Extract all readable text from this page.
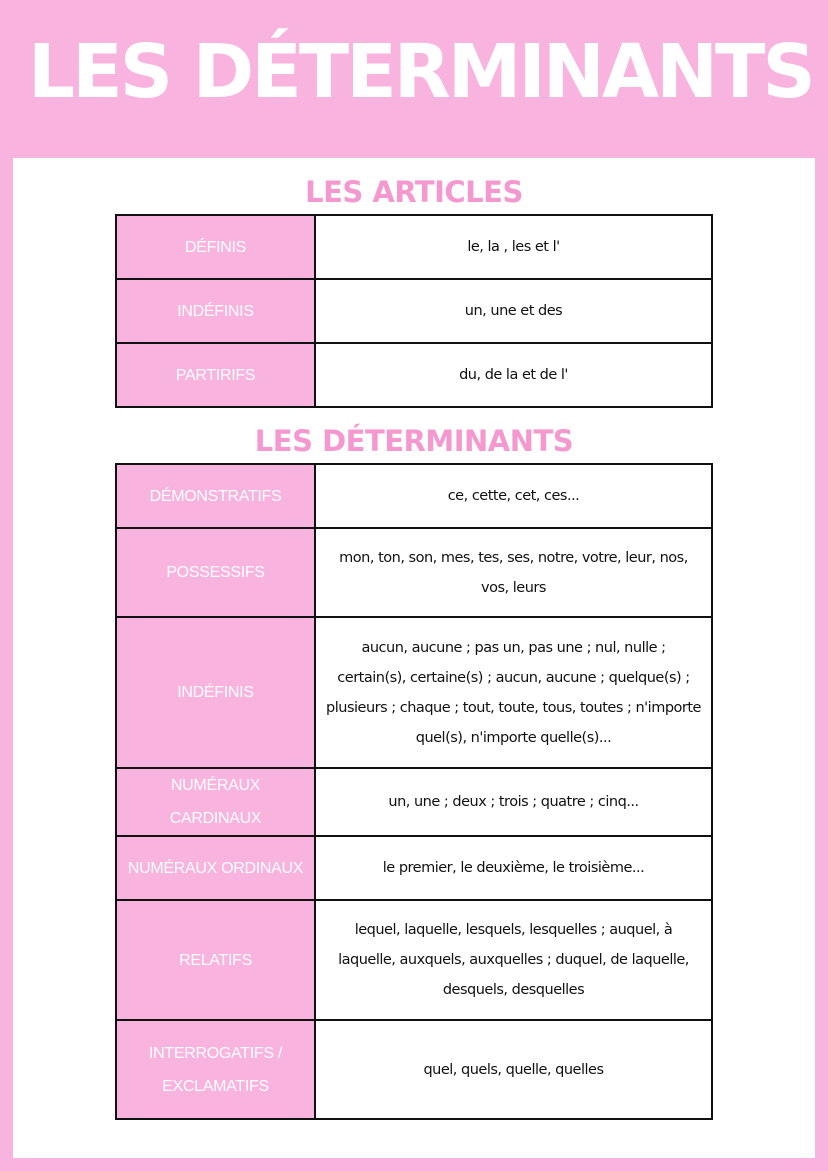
LES DÉTERMINANTS
LES ARTICLES
DÉFINIS	le, la , les et l'
INDÉFINIS	un, une et des
PARTIRIFS	du, de la et de l'
LES DÉTERMINANTS
DÉMONSTRATIFS	ce, cette, cet, ces...
POSSESSIFS	mon, ton, son, mes, tes, ses, notre, votre, leur, nos, vos, leurs
INDÉFINIS	aucun, aucune ; pas un, pas une ; nul, nulle ; certain(s), certaine(s) ; aucun, aucune ; quelque(s) ; plusieurs ; chaque ; tout, toute, tous, toutes ; n'importe quel(s), n'importe quelle(s)...
NUMÉRAUX CARDINAUX	un, une ; deux ; trois ; quatre ; cinq...
NUMÉRAUX ORDINAUX	le premier, le deuxième, le troisième...
RELATIFS	lequel, laquelle, lesquels, lesquelles ; auquel, à laquelle, auxquels, auxquelles ; duquel, de laquelle, desquels, desquelles
INTERROGATIFS / EXCLAMATIFS	quel, quels, quelle, quelles
